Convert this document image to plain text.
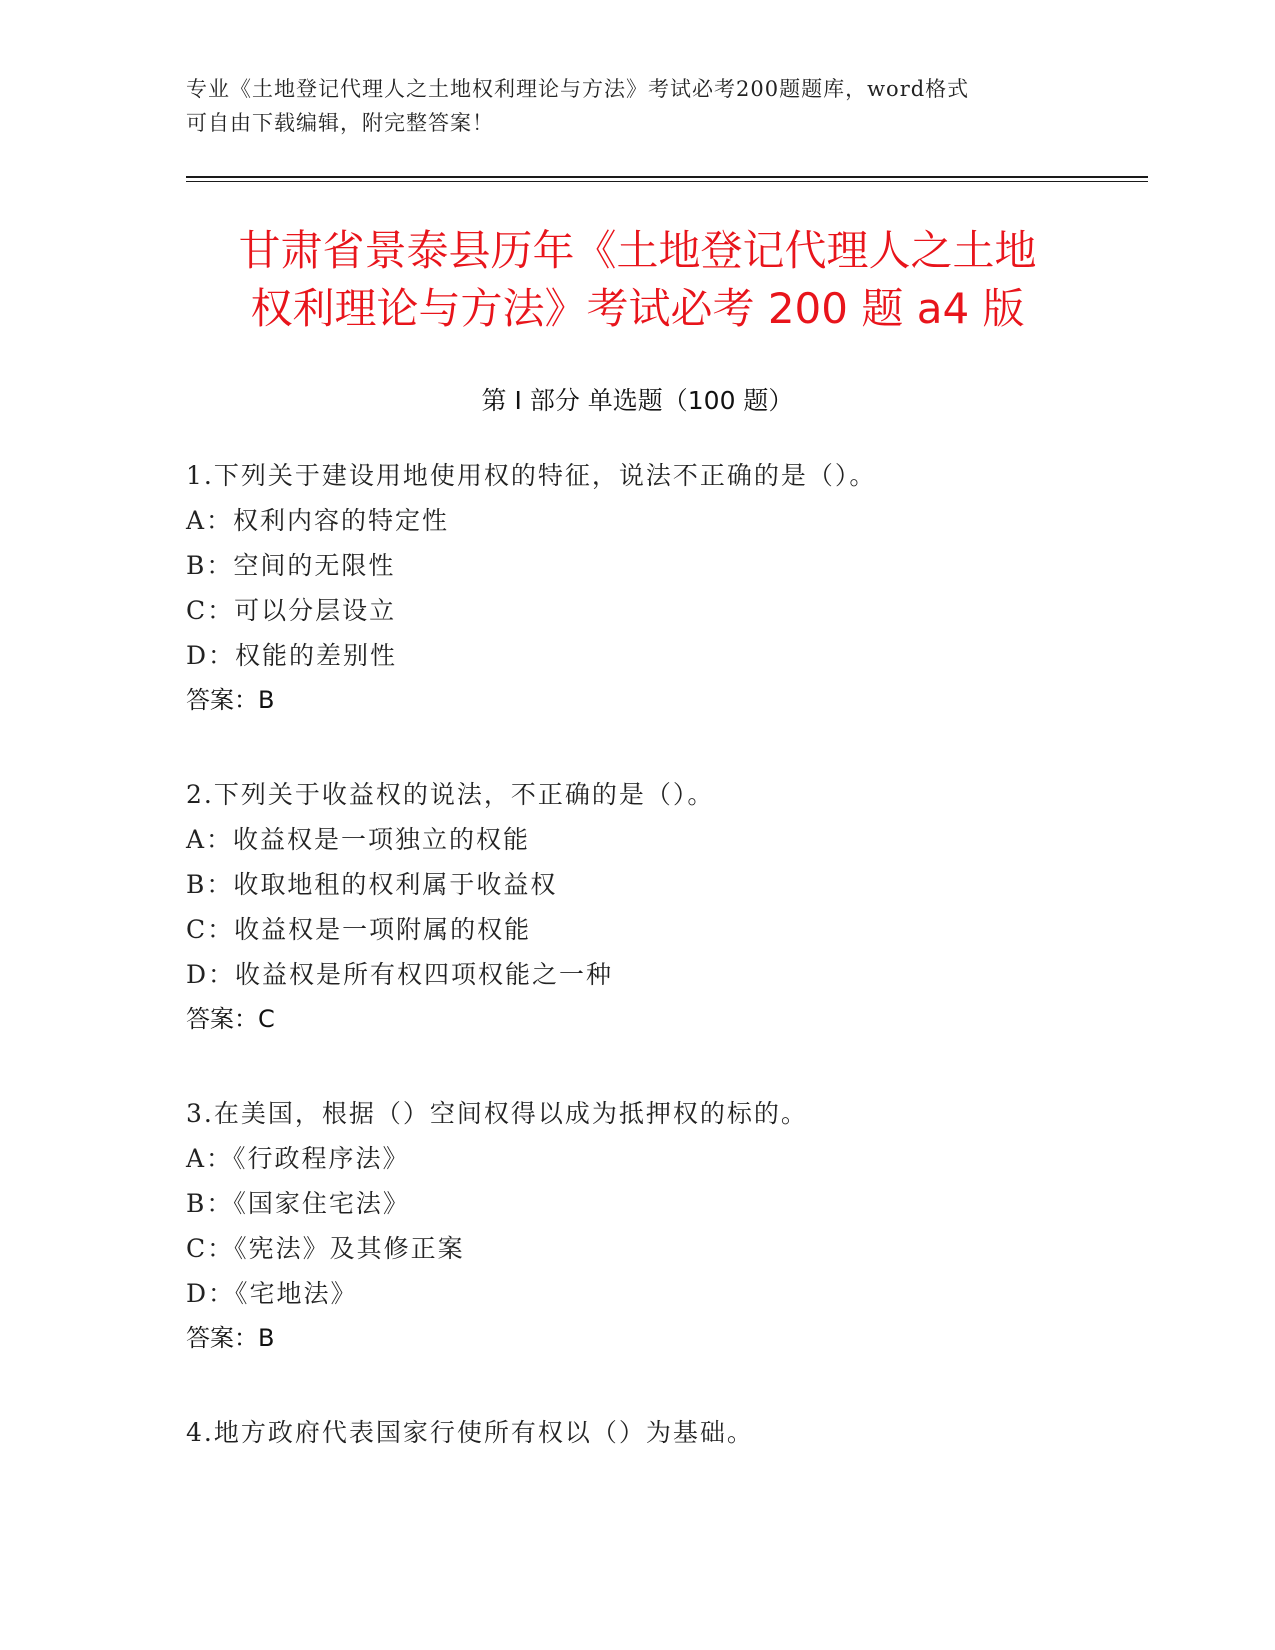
专业《土地登记代理人之土地权利理论与方法》考试必考200题题库，word格式
可自由下载编辑，附完整答案！
甘肃省景泰县历年《土地登记代理人之土地
权利理论与方法》考试必考 200 题 a4 版
第 I 部分 单选题（100 题）
1.下列关于建设用地使用权的特征，说法不正确的是（）。
A：权利内容的特定性
B：空间的无限性
C：可以分层设立
D：权能的差别性
答案：B
2.下列关于收益权的说法，不正确的是（）。
A：收益权是一项独立的权能
B：收取地租的权利属于收益权
C：收益权是一项附属的权能
D：收益权是所有权四项权能之一种
答案：C
3.在美国，根据（）空间权得以成为抵押权的标的。
A：《行政程序法》
B：《国家住宅法》
C：《宪法》及其修正案
D：《宅地法》
答案：B
4.地方政府代表国家行使所有权以（）为基础。
